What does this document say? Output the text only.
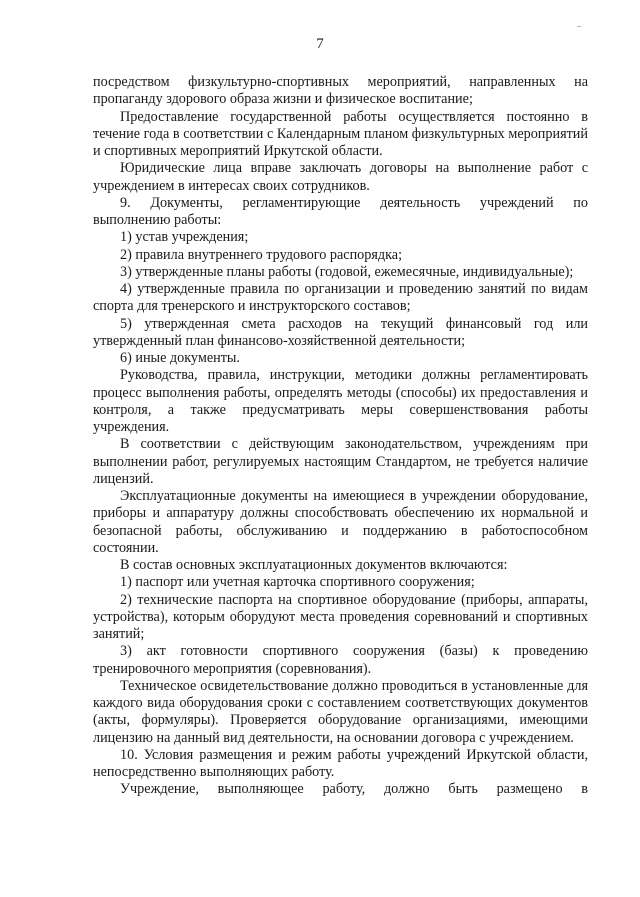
7

посредством физкультурно-спортивных мероприятий, направленных на пропаганду здорового образа жизни и физическое воспитание;

Предоставление государственной работы осуществляется постоянно в течение года в соответствии с Календарным планом физкультурных мероприятий и спортивных мероприятий Иркутской области.

Юридические лица вправе заключать договоры на выполнение работ с учреждением в интересах своих сотрудников.

9. Документы, регламентирующие деятельность учреждений по выполнению работы:

1) устав учреждения;

2) правила внутреннего трудового распорядка;

3) утвержденные планы работы (годовой, ежемесячные, индивидуальные);

4) утвержденные правила по организации и проведению занятий по видам спорта для тренерского и инструкторского составов;

5) утвержденная смета расходов на текущий финансовый год или утвержденный план финансово-хозяйственной деятельности;

6) иные документы.

Руководства, правила, инструкции, методики должны регламентировать процесс выполнения работы, определять методы (способы) их предоставления и контроля, а также предусматривать меры совершенствования работы учреждения.

В соответствии с действующим законодательством, учреждениям при выполнении работ, регулируемых настоящим Стандартом, не требуется наличие лицензий.

Эксплуатационные документы на имеющиеся в учреждении оборудование, приборы и аппаратуру должны способствовать обеспечению их нормальной и безопасной работы, обслуживанию и поддержанию в работоспособном состоянии.

В состав основных эксплуатационных документов включаются:

1) паспорт или учетная карточка спортивного сооружения;

2) технические паспорта на спортивное оборудование (приборы, аппараты, устройства), которым оборудуют места проведения соревнований и спортивных занятий;

3) акт готовности спортивного сооружения (базы) к проведению тренировочного мероприятия (соревнования).

Техническое освидетельствование должно проводиться в установленные для каждого вида оборудования сроки с составлением соответствующих документов (акты, формуляры). Проверяется оборудование организациями, имеющими лицензию на данный вид деятельности, на основании договора с учреждением.

10. Условия размещения и режим работы учреждений Иркутской области, непосредственно выполняющих работу.

Учреждение, выполняющее работу, должно быть размещено в
